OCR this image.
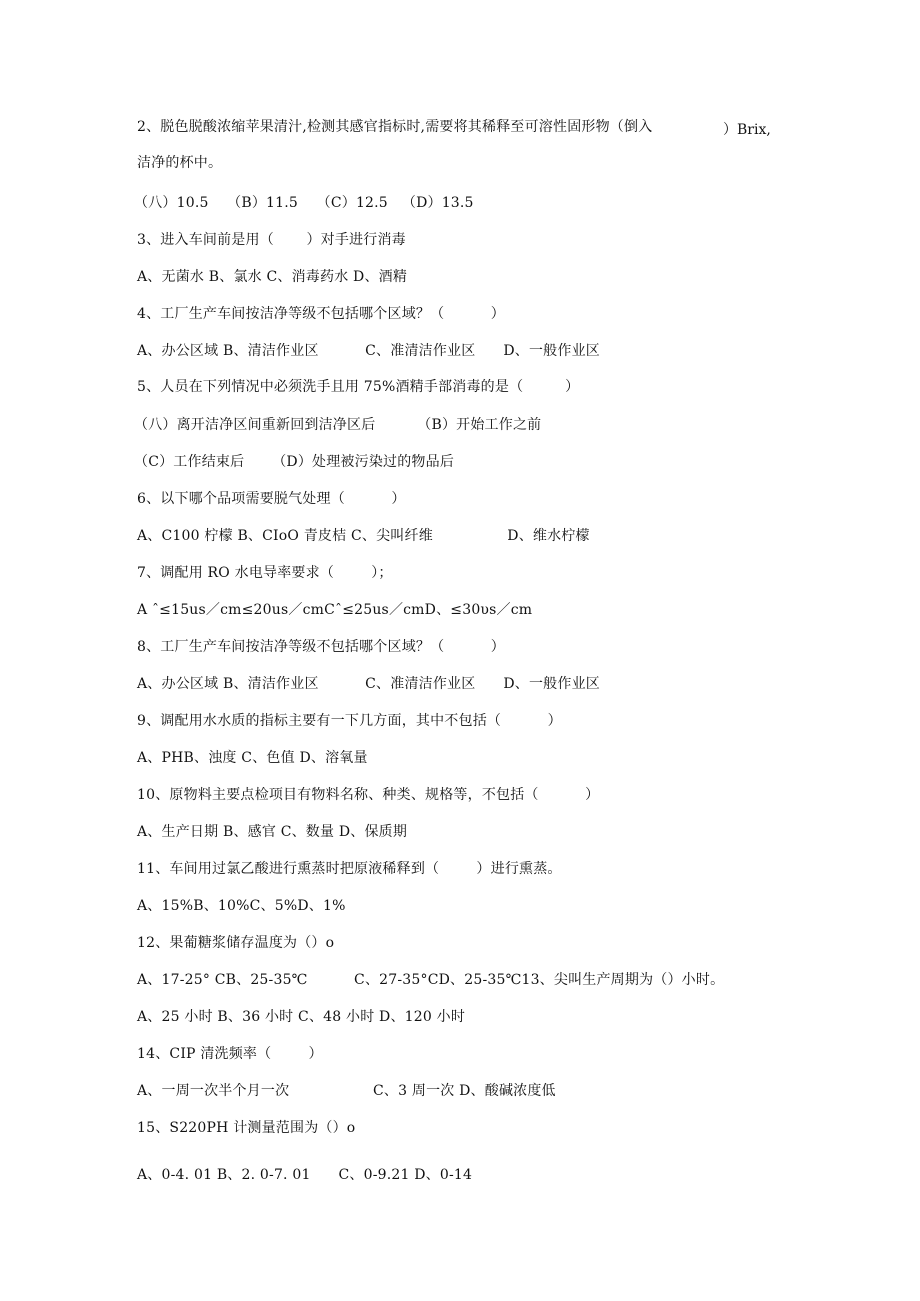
2、脱色脱酸浓缩苹果清汁,检测其感官指标时,需要将其稀释至可溶性固形物（倒入	）Brix,
洁净的杯中。
（八）10.5    （B）11.5    （C）12.5   （D）13.5
3、进入车间前是用（       ）对手进行消毒
A、无菌水 B、氯水 C、消毒药水 D、酒精
4、工厂生产车间按洁净等级不包括哪个区域？（          ）
A、办公区域 B、清洁作业区          C、准清洁作业区      D、一般作业区
5、人员在下列情况中必须洗手且用 75%酒精手部消毒的是（         ）
（八）离开洁净区间重新回到洁净区后         （B）开始工作之前
（C）工作结束后      （D）处理被污染过的物品后
6、以下哪个品项需要脱气处理（          ）
A、C100 柠檬 B、CIoO 青皮桔 C、尖叫纤维                D、维水柠檬
7、调配用 RO 水电导率要求（        ）；
A ˆ≤15us／cm≤20us／cmCˆ≤25us／cmD、≤30υs／cm
8、工厂生产车间按洁净等级不包括哪个区域？（          ）
A、办公区域 B、清洁作业区          C、准清洁作业区      D、一般作业区
9、调配用水水质的指标主要有一下几方面，其中不包括（          ）
A、PHB、浊度 C、色值 D、溶氧量
10、原物料主要点检项目有物料名称、种类、规格等，不包括（          ）
A、生产日期 B、感官 C、数量 D、保质期
11、车间用过氯乙酸进行熏蒸时把原液稀释到（        ）进行熏蒸。
A、15%B、10%C、5%D、1%
12、果葡糖浆储存温度为（）o
A、17-25° CB、25-35℃          C、27-35°CD、25-35℃13、尖叫生产周期为（）小时。
A、25 小时 B、36 小时 C、48 小时 D、120 小时
14、CIP 清洗频率（        ）
A、一周一次半个月一次                  C、3 周一次 D、酸碱浓度低
15、S220PH 计测量范围为（）o
A、0-4. 01 B、2. 0-7. 01      C、0-9.21 D、0-14
